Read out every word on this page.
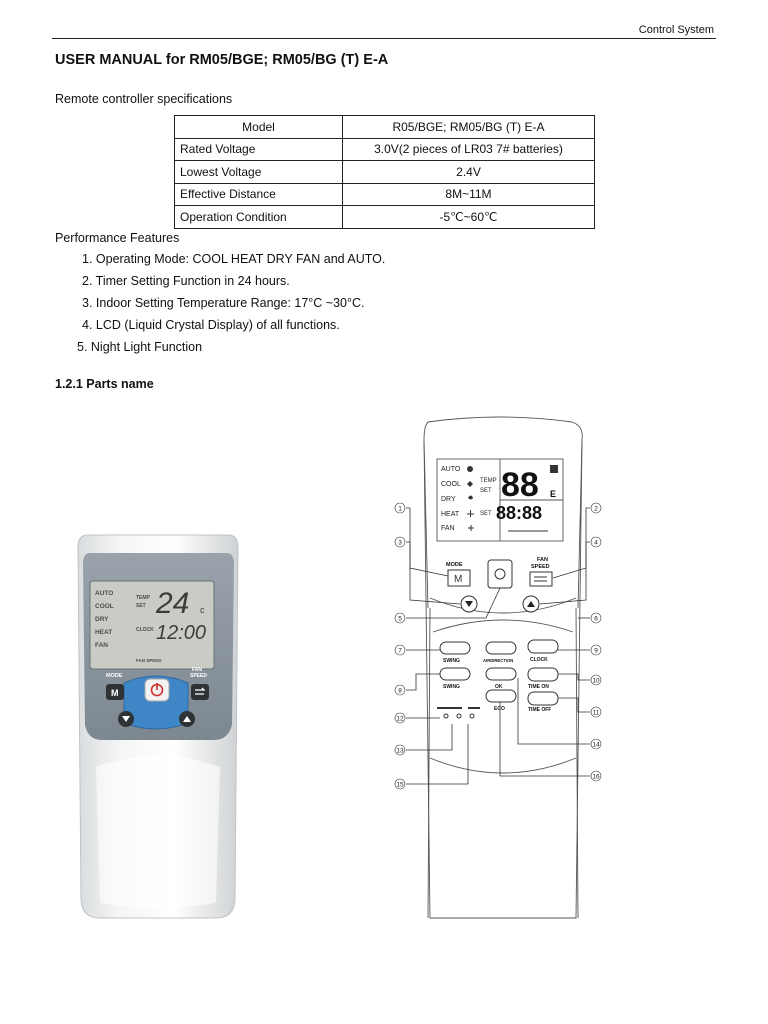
Control System
USER MANUAL for RM05/BGE; RM05/BG (T) E-A
Remote controller specifications
Model	R05/BGE; RM05/BG (T) E-A
Rated Voltage	3.0V(2 pieces of LR03 7# batteries)
Lowest Voltage	2.4V
Effective Distance	8M~11M
Operation Condition	-5℃~60℃
Performance Features
1. Operating Mode: COOL HEAT DRY FAN and AUTO.
2. Timer Setting Function in 24 hours.
3. Indoor Setting Temperature Range: 17°C ~30°C.
4. LCD (Liquid Crystal Display) of all functions.
5. Night Light Function
1.2.1 Parts name
AUTO
COOL
DRY
HEAT
FAN
TEMP
SET
CLOCK
FAN SPEED
24 c
12:00
MODE
FAN SPEED
M
AUTO
COOL
DRY
HEAT
FAN
TEMP
SET
SET
88 E
88:88
MODE
FAN
SPEED
M
SWING	AIRDIRECTION	CLOCK
SWING	OK	TIME ON
ECO	TIME OFF
1	2
3	4
5	6
7
8
9
10
11
12
13
14
15
16
